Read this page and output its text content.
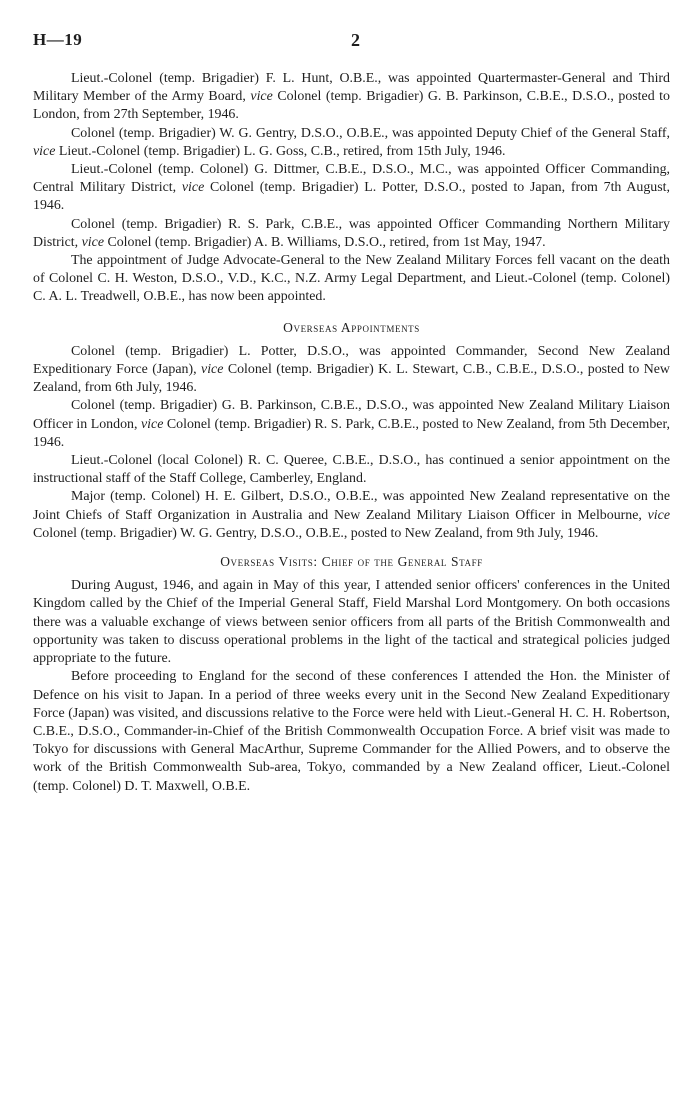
H—19	2

Lieut.-Colonel (temp. Brigadier) F. L. Hunt, O.B.E., was appointed Quartermaster-General and Third Military Member of the Army Board, vice Colonel (temp. Brigadier) G. B. Parkinson, C.B.E., D.S.O., posted to London, from 27th September, 1946.

Colonel (temp. Brigadier) W. G. Gentry, D.S.O., O.B.E., was appointed Deputy Chief of the General Staff, vice Lieut.-Colonel (temp. Brigadier) L. G. Goss, C.B., retired, from 15th July, 1946.

Lieut.-Colonel (temp. Colonel) G. Dittmer, C.B.E., D.S.O., M.C., was appointed Officer Commanding, Central Military District, vice Colonel (temp. Brigadier) L. Potter, D.S.O., posted to Japan, from 7th August, 1946.

Colonel (temp. Brigadier) R. S. Park, C.B.E., was appointed Officer Commanding Northern Military District, vice Colonel (temp. Brigadier) A. B. Williams, D.S.O., retired, from 1st May, 1947.

The appointment of Judge Advocate-General to the New Zealand Military Forces fell vacant on the death of Colonel C. H. Weston, D.S.O., V.D., K.C., N.Z. Army Legal Department, and Lieut.-Colonel (temp. Colonel) C. A. L. Treadwell, O.B.E., has now been appointed.

Overseas Appointments

Colonel (temp. Brigadier) L. Potter, D.S.O., was appointed Commander, Second New Zealand Expeditionary Force (Japan), vice Colonel (temp. Brigadier) K. L. Stewart, C.B., C.B.E., D.S.O., posted to New Zealand, from 6th July, 1946.

Colonel (temp. Brigadier) G. B. Parkinson, C.B.E., D.S.O., was appointed New Zealand Military Liaison Officer in London, vice Colonel (temp. Brigadier) R. S. Park, C.B.E., posted to New Zealand, from 5th December, 1946.

Lieut.-Colonel (local Colonel) R. C. Queree, C.B.E., D.S.O., has continued a senior appointment on the instructional staff of the Staff College, Camberley, England.

Major (temp. Colonel) H. E. Gilbert, D.S.O., O.B.E., was appointed New Zealand representative on the Joint Chiefs of Staff Organization in Australia and New Zealand Military Liaison Officer in Melbourne, vice Colonel (temp. Brigadier) W. G. Gentry, D.S.O., O.B.E., posted to New Zealand, from 9th July, 1946.

Overseas Visits: Chief of the General Staff

During August, 1946, and again in May of this year, I attended senior officers' conferences in the United Kingdom called by the Chief of the Imperial General Staff, Field Marshal Lord Montgomery. On both occasions there was a valuable exchange of views between senior officers from all parts of the British Commonwealth and opportunity was taken to discuss operational problems in the light of the tactical and strategical policies judged appropriate to the future.

Before proceeding to England for the second of these conferences I attended the Hon. the Minister of Defence on his visit to Japan. In a period of three weeks every unit in the Second New Zealand Expeditionary Force (Japan) was visited, and discussions relative to the Force were held with Lieut.-General H. C. H. Robertson, C.B.E., D.S.O., Commander-in-Chief of the British Commonwealth Occupation Force. A brief visit was made to Tokyo for discussions with General MacArthur, Supreme Commander for the Allied Powers, and to observe the work of the British Commonwealth Sub-area, Tokyo, commanded by a New Zealand officer, Lieut.-Colonel (temp. Colonel) D. T. Maxwell, O.B.E.
